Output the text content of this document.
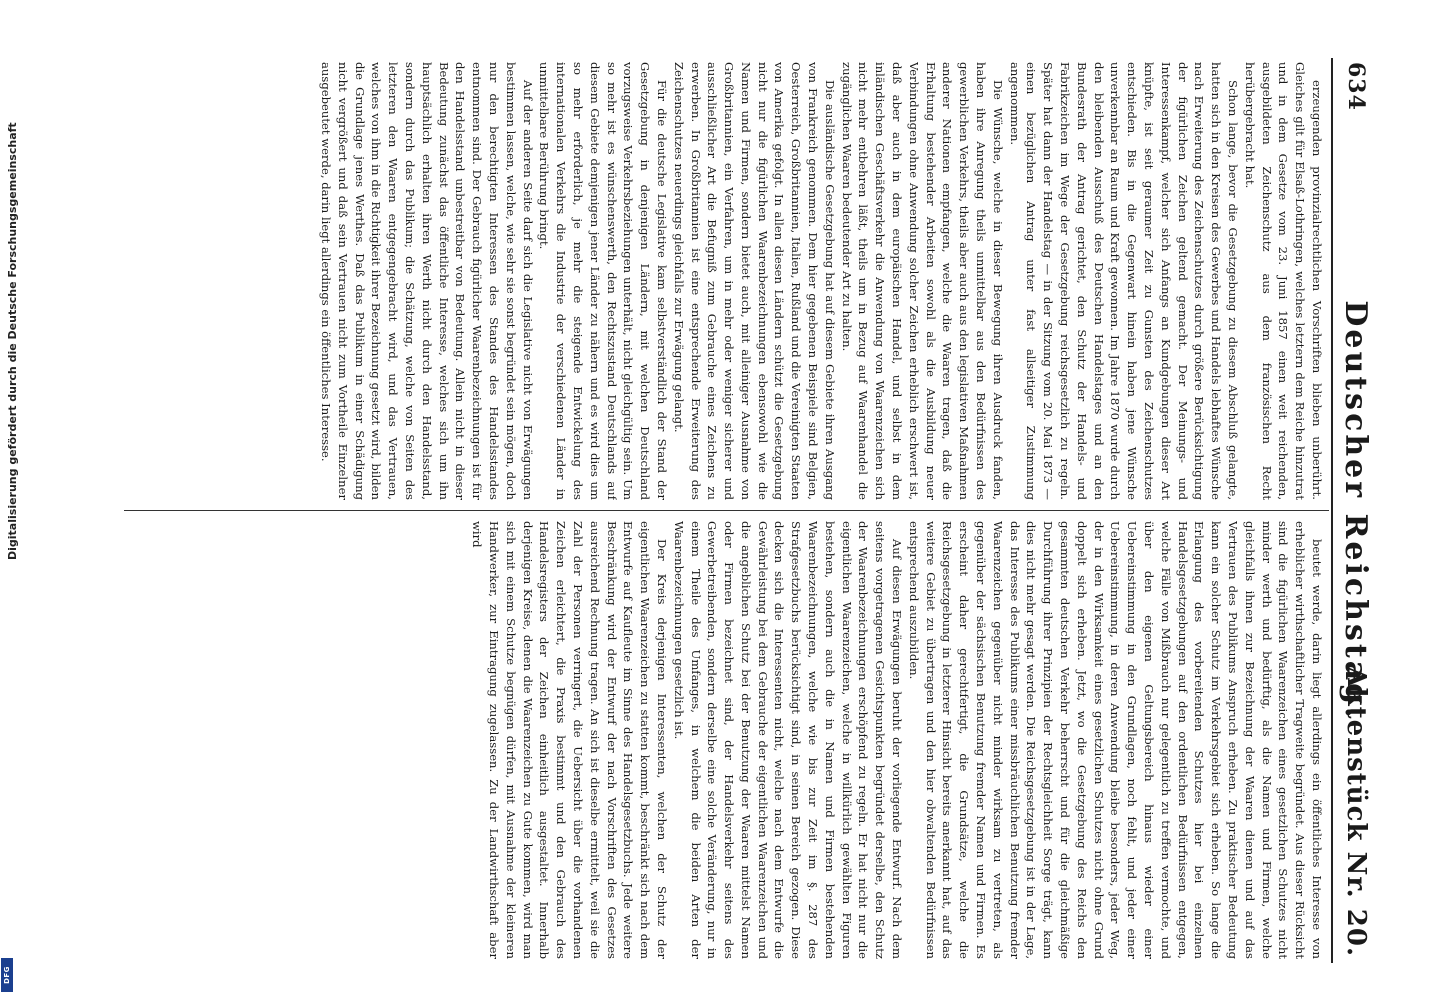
634
Deutscher Reichstag.
Aktenstück Nr. 20.

erzeugenden provinzialrechtlichen Vorschriften blieben unberührt. Gleiches gilt für Elsaß-Lothringen, welches letztern dem Reiche hinzutrat und in dem Gesetze vom 23. Juni 1857 einen weit reichenden, ausgebildeten Zeichenschutz aus dem französischen Recht herübergebracht hat.

Schon lange, bevor die Gesetzgebung zu diesem Abschluß gelangte, hatten sich in den Kreisen des Gewerbes und Handels lebhaftes Wünsche nach Erweiterung des Zeichenschutzes durch größere Berücksichtigung der figürlichen Zeichen geltend gemacht. Der Meinungs- und Interessenkampf, welcher sich Anfangs an Kundgebungen dieser Art knüpfte, ist seit geraumer Zeit zu Gunsten des Zeichenschutzes entschieden. Bis in die Gegenwart hinein haben jene Wünsche unverkennbar an Raum und Kraft gewonnen. Im Jahre 1870 wurde durch den bleibenden Ausschuß des Deutschen Handelstages und an den Bundesrath der Antrag gerichtet, den Schutz der Handels- und Fabrikzeichen im Wege der Gesetzgebung reichsgesetzlich zu regeln. Später hat dann der Handelstag — in der Sitzung vom 20. Mai 1873 — einen bezüglichen Antrag unter fast allseitiger Zustimmung angenommen.

Die Wünsche, welche in dieser Bewegung ihren Ausdruck fanden, haben ihre Anregung theils unmittelbar aus den Bedürfnissen des gewerblichen Verkehrs, theils aber auch aus den legislativen Maßnahmen anderer Nationen empfangen, welche die Waaren tragen, daß die Erhaltung bestehender Arbeiten sowohl als die Ausbildung neuer Verbindungen ohne Anwendung solcher Zeichen erheblich erschwert ist, daß aber auch in dem europäischen Handel, und selbst in dem inländischen Geschäftsverkehr die Anwendung von Waarenzeichen sich nicht mehr entbehren läßt, theils um in Bezug auf Waarenhandel die zugänglichen Waaren bedeutender Art zu halten.

Die ausländische Gesetzgebung hat auf diesem Gebiete ihren Ausgang von Frankreich genommen. Dem hier gegebenen Beispiele sind Belgien, Oesterreich, Großbritannien, Italien, Rußland und die Vereinigten Staaten von Amerika gefolgt. In allen diesen Ländern schützt die Gesetzgebung nicht nur die figürlichen Waarenbezeichnungen ebensowohl wie die Namen und Firmen, sondern bietet auch, mit alleiniger Ausnahme von Großbritannien, ein Verfahren, um in mehr oder weniger sicherer und ausschließlicher Art die Befugniß zum Gebrauche eines Zeichens zu erwerben. In Großbritannien ist eine entsprechende Erweiterung des Zeichenschutzes neuerdings gleichfalls zur Erwägung gelangt.

Für die deutsche Legislative kam selbstverständlich der Stand der Gesetzgebung in denjenigen Ländern, mit welchen Deutschland vorzugsweise Verkehrsbeziehungen unterhält, nicht gleichgültig sein. Um so mehr ist es wünschenswerth, den Rechtszustand Deutschlands auf diesem Gebiete demjenigen jener Länder zu nähern und es wird dies um so mehr erforderlich, je mehr die steigende Entwickelung des internationalen Verkehrs die Industrie der verschiedenen Länder in unmittelbare Berührung bringt.

Auf der anderen Seite darf sich die Legislative nicht von Erwägungen bestimmen lassen, welche, wie sehr sie sonst begründet sein mögen, doch nur den berechtigten Interessen des Standes des Handelsstandes entnommen sind. Der Gebrauch figürlicher Waarenbezeichnungen ist für den Handelsstand unbestreitbar von Bedeutung. Allein nicht in dieser Bedeutung zunächst das öffentliche Interesse, welches sich um ihn hauptsächlich erhalten ihren Werth nicht durch den Handelsstand, sondern durch das Publikum; die Schätzung, welche von Seiten des letzteren den Waaren entgegengebracht wird, und das Vertrauen, welches von ihm in die Richtigkeit ihrer Bezeichnung gesetzt wird, bilden die Grundlage jenes Werthes. Daß das Publikum in einer Schädigung nicht vergrößert und daß sein Vertrauen nicht zum Vortheile Einzelner ausgebeutet werde, darin liegt allerdings ein öffentliches Interesse.

beutet werde, darin liegt allerdings ein öffentliches Interesse von erheblicher wirthschaftlicher Tragweite begründet. Aus dieser Rücksicht sind die figürlichen Waarenzeichen eines gesetzlichen Schutzes nicht minder werth und bedürftig, als die Namen und Firmen, welche gleichfalls ihnen zur Bezeichnung der Waaren dienen und auf das Vertrauen des Publikums Anspruch erheben. Zu praktischer Bedeutung kann ein solcher Schutz im Verkehrsgebiet sich erheben. So lange die Erlangung des vorbereitenden Schutzes hier bei einzelnen Handelsgesetzgebungen auf den ordentlichen Bedürfnissen entgegen, welche Fälle von Mißbrauch nur gelegentlich zu treffen vermochte, und über den eigenen Geltungsbereich hinaus wieder einer Uebereinstimmung in den Grundlagen, noch fehlt, und jeder einer Uebereinstimmung, in deren Anwendung bleibe besonders, jeder Weg, der in den Wirksamkeit eines gesetzlichen Schutzes nicht ohne Grund doppelt sich erheben. Jetzt, wo die Gesetzgebung des Reichs den gesammten deutschen Verkehr beherrscht und für die gleichmäßige Durchführung ihrer Prinzipien der Rechtsgleichheit Sorge trägt, kann dies nicht mehr gesagt werden. Die Reichsgesetzgebung ist in der Lage, das Interesse des Publikums einer missbräuchlichen Benutzung fremder Waarenzeichen gegenüber nicht minder wirksam zu vertreten, als gegenüber der sächsischen Benutzung fremder Namen und Firmen. Es erscheint daher gerechtfertigt, die Grundsätze, welche die Reichsgesetzgebung in letzterer Hinsicht bereits anerkannt hat, auf das weitere Gebiet zu übertragen und den hier obwaltenden Bedürfnissen entsprechend auszubilden.

Auf diesen Erwägungen beruht der vorliegende Entwurf. Nach dem seitens vorgetragenen Gesichtspunkten begründet derselbe, den Schutz der Waarenbezeichnungen erschöpfend zu regeln. Er hat nicht nur die eigentlichen Waarenzeichen, welche in willkürlich gewählten Figuren bestehen, sondern auch die in Namen und Firmen bestehenden Waarenbezeichnungen, welche wie bis zur Zeit im §. 287 des Strafgesetzbuchs berücksichtigt sind, in seinen Bereich gezogen. Diese decken sich die Interessenten nicht, welche nach dem Entwurfe die Gewährleistung bei dem Gebrauche der eigentlichen Waarenzeichen und die angeblichen Schutz bei der Benutzung der Waaren mittelst Namen oder Firmen bezeichnet sind, der Handelsverkehr seitens des Gewerbetreibenden, sondern derselbe eine solche Veränderung, nur in einem Theile des Umfanges, in welchem die beiden Arten der Waarenbezeichnungen gesetzlich ist.

Der Kreis derjenigen Interessenten, welchen der Schutz der eigentlichen Waarenzeichen zu statten kommt, beschränkt sich nach dem Entwurfe auf Kaufleute im Sinne des Handelsgesetzbuchs. Jede weitere Beschränkung wird der Entwurf der nach Vorschriften des Gesetzes ausreichend Rechnung tragen. An sich ist dieselbe ermittelt, weil sie die Zahl der Personen verringert, die Uebersicht über die vorhandenen Zeichen erleichtert, die Praxis bestimmt und den Gebrauch des Handelsregisters der Zeichen einheitlich ausgestaltet. Innerhalb derjenigen Kreise, denen die Waarenzeichen zu Gute kommen, wird man sich mit einem Schutze begnügen dürfen, mit Ausnahme der kleineren Handwerker, zur Eintragung zugelassen. Zu der Landwirthschaft aber wird

Digitalisierung gefördert durch die Deutsche Forschungsgemeinschaft
DFG
